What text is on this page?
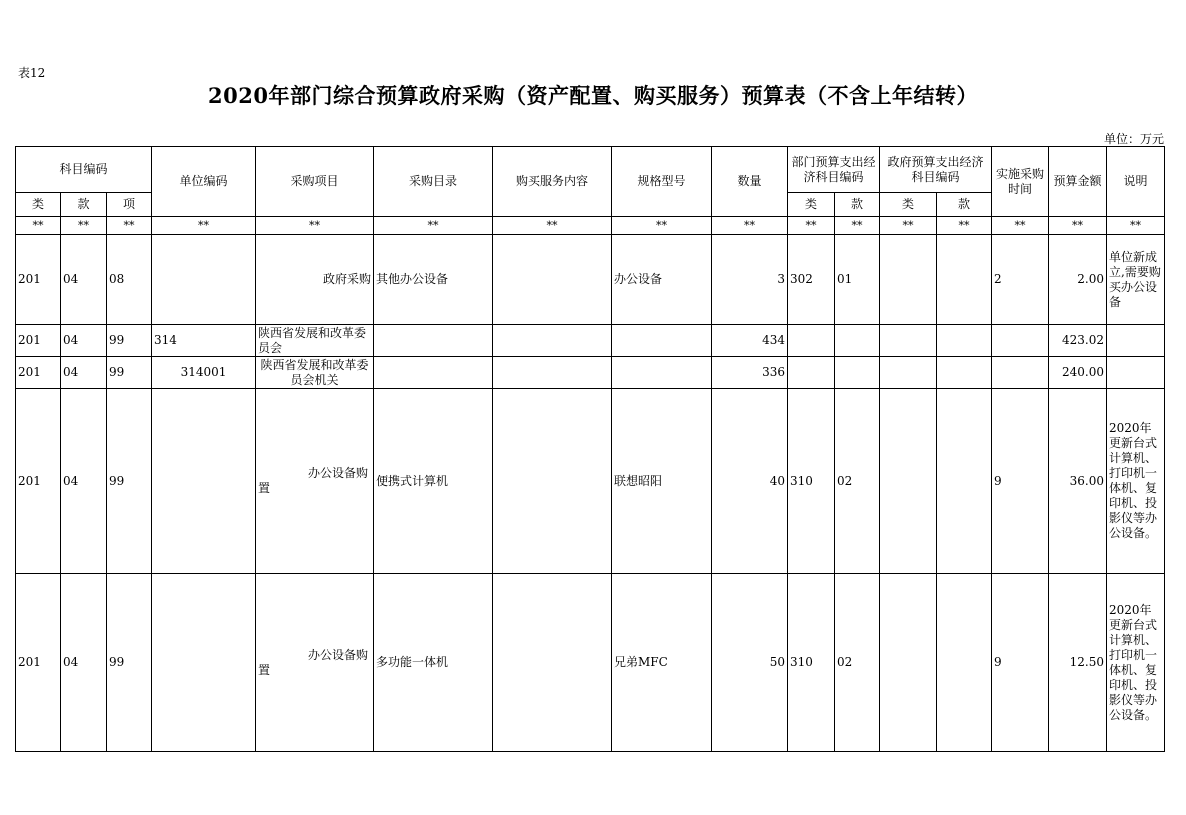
表12
2020年部门综合预算政府采购（资产配置、购买服务）预算表（不含上年结转）
单位：万元
科目编码			单位编码	采购项目	采购目录	购买服务内容	规格型号	数量	部门预算支出经济科目编码		政府预算支出经济科目编码		实施采购时间	预算金额	说明
类	款	项							类	款	类	款			
**	**	**	**	**	**	**	**	**	**	**	**	**	**	**	**
201	04	08		政府采购	其他办公设备		办公设备	3	302	01			2	2.00	单位新成立,需要购买办公设备
201	04	99	314	陕西省发展和改革委员会				434						423.02	
201	04	99	314001	陕西省发展和改革委员会机关				336						240.00	
201	04	99		办公设备购置	便携式计算机		联想昭阳	40	310	02			9	36.00	2020年更新台式计算机、打印机一体机、复印机、投影仪等办公设备。
201	04	99		办公设备购置	多功能一体机		兄弟MFC	50	310	02			9	12.50	2020年更新台式计算机、打印机一体机、复印机、投影仪等办公设备。
